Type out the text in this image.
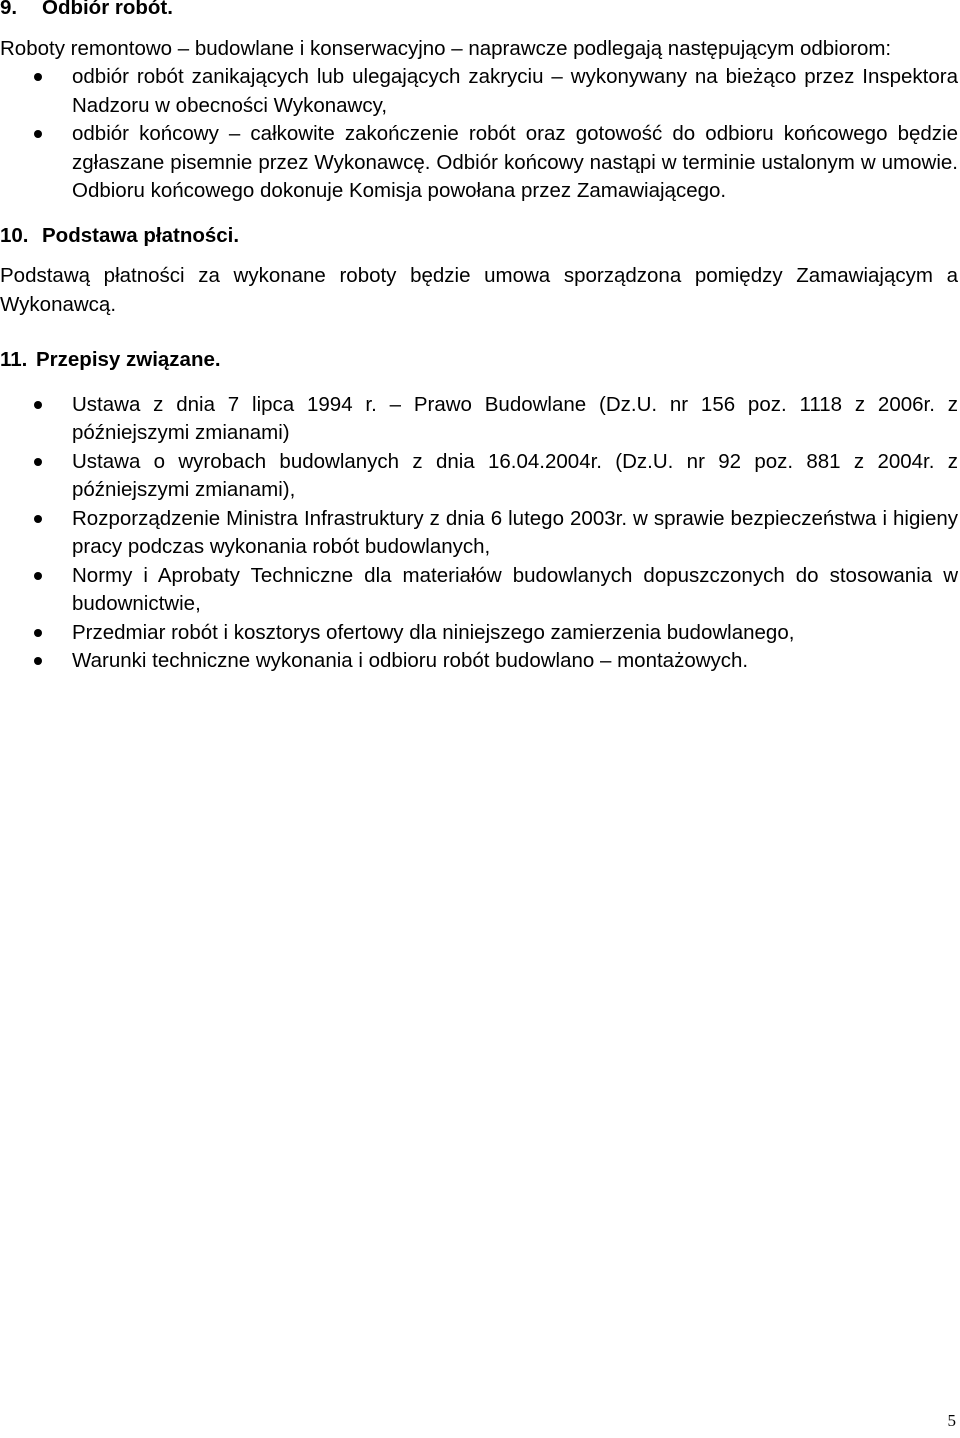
9.	Odbiór robót.

Roboty remontowo – budowlane i konserwacyjno – naprawcze podlegają następującym odbiorom:

odbiór robót zanikających lub ulegających zakryciu – wykonywany na bieżąco przez Inspektora Nadzoru w obecności Wykonawcy,
odbiór końcowy – całkowite zakończenie robót oraz gotowość do odbioru końcowego będzie zgłaszane pisemnie przez Wykonawcę. Odbiór końcowy nastąpi w terminie ustalonym w umowie. Odbioru końcowego dokonuje Komisja powołana przez Zamawiającego.
10. Podstawa płatności.

Podstawą płatności za wykonane roboty będzie umowa sporządzona pomiędzy Zamawiającym a Wykonawcą.

11. Przepisy związane.
Ustawa z dnia 7 lipca 1994 r. – Prawo Budowlane (Dz.U. nr 156 poz. 1118 z 2006r. z późniejszymi zmianami)
Ustawa o wyrobach budowlanych z dnia 16.04.2004r. (Dz.U. nr 92 poz. 881 z 2004r. z późniejszymi zmianami),
Rozporządzenie Ministra Infrastruktury z dnia 6 lutego 2003r. w sprawie bezpieczeństwa i higieny pracy podczas wykonania robót budowlanych,
Normy i Aprobaty Techniczne dla materiałów budowlanych dopuszczonych do stosowania w budownictwie,
Przedmiar robót i kosztorys ofertowy dla niniejszego zamierzenia budowlanego,
Warunki techniczne wykonania i odbioru robót budowlano – montażowych.
5
